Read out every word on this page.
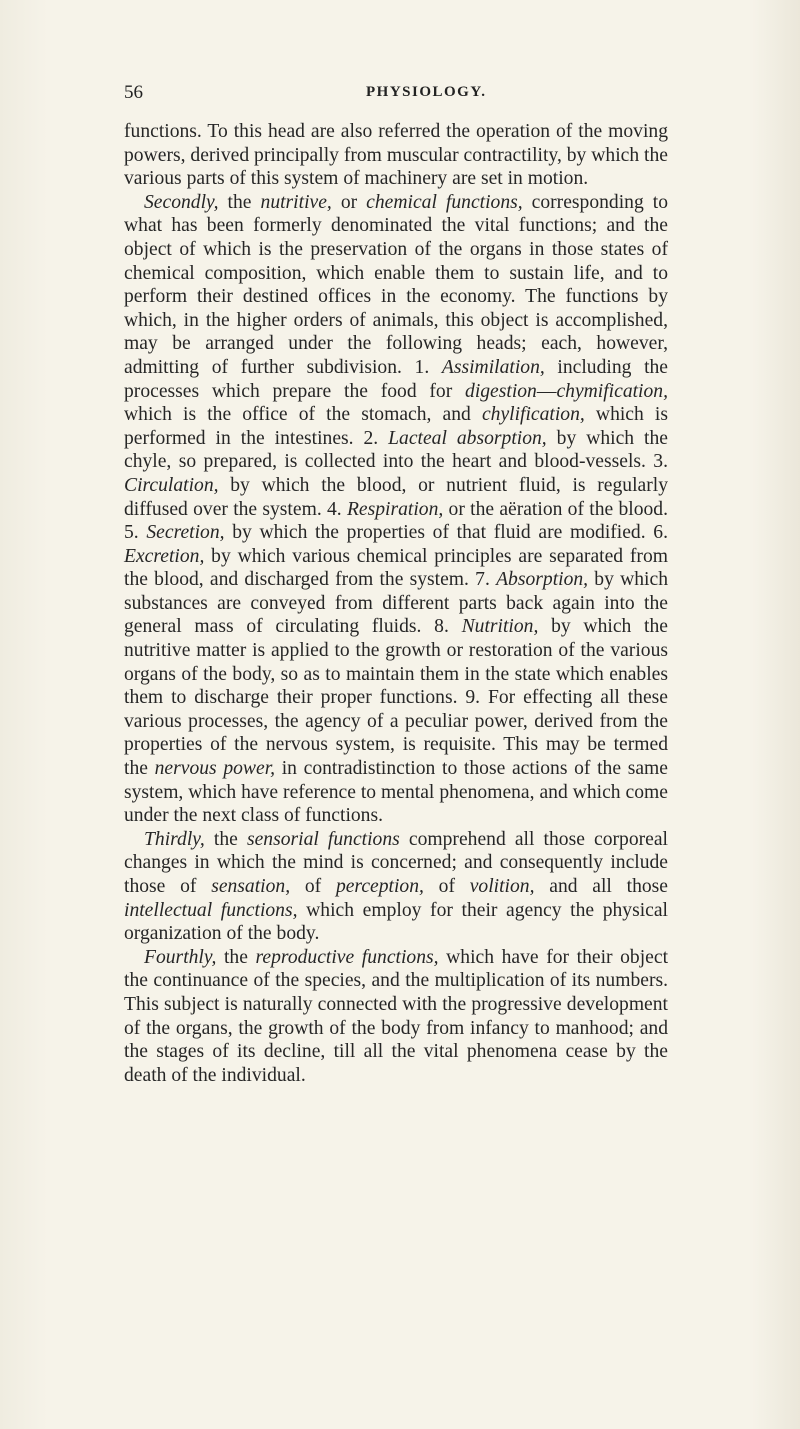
56	PHYSIOLOGY.

functions. To this head are also referred the operation of the moving powers, derived principally from muscular contractility, by which the various parts of this system of machinery are set in motion.

Secondly, the nutritive, or chemical functions, corresponding to what has been formerly denominated the vital functions; and the object of which is the preservation of the organs in those states of chemical composition, which enable them to sustain life, and to perform their destined offices in the economy. The functions by which, in the higher orders of animals, this object is accomplished, may be arranged under the following heads; each, however, admitting of further subdivision. 1. Assimilation, including the processes which prepare the food for digestion—chymification, which is the office of the stomach, and chylification, which is performed in the intestines. 2. Lacteal absorption, by which the chyle, so prepared, is collected into the heart and blood-vessels. 3. Circulation, by which the blood, or nutrient fluid, is regularly diffused over the system. 4. Respiration, or the aëration of the blood. 5. Secretion, by which the properties of that fluid are modified. 6. Excretion, by which various chemical principles are separated from the blood, and discharged from the system. 7. Absorption, by which substances are conveyed from different parts back again into the general mass of circulating fluids. 8. Nutrition, by which the nutritive matter is applied to the growth or restoration of the various organs of the body, so as to maintain them in the state which enables them to discharge their proper functions. 9. For effecting all these various processes, the agency of a peculiar power, derived from the properties of the nervous system, is requisite. This may be termed the nervous power, in contradistinction to those actions of the same system, which have reference to mental phenomena, and which come under the next class of functions.

Thirdly, the sensorial functions comprehend all those corporeal changes in which the mind is concerned; and consequently include those of sensation, of perception, of volition, and all those intellectual functions, which employ for their agency the physical organization of the body.

Fourthly, the reproductive functions, which have for their object the continuance of the species, and the multiplication of its numbers. This subject is naturally connected with the progressive development of the organs, the growth of the body from infancy to manhood; and the stages of its decline, till all the vital phenomena cease by the death of the individual.
